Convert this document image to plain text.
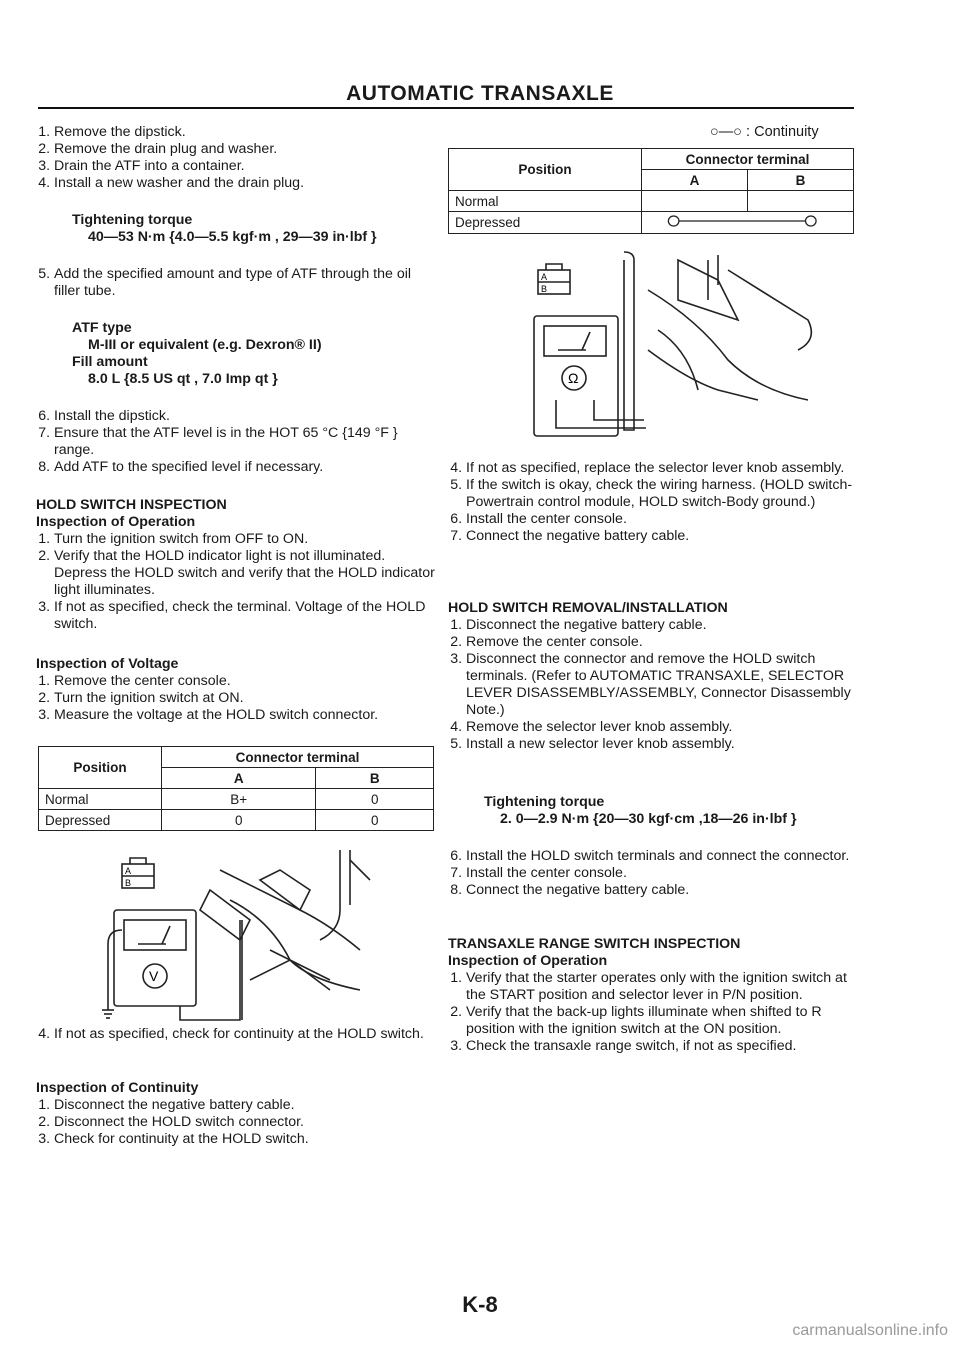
AUTOMATIC TRANSAXLE
1. Remove the dipstick.
2. Remove the drain plug and washer.
3. Drain the ATF into a container.
4. Install a new washer and the drain plug.
Tightening torque
40—53 N·m {4.0—5.5 kgf·m , 29—39 in·lbf }
5. Add the specified amount and type of ATF through the oil filler tube.
ATF type
M-III or equivalent (e.g. Dexron® II)
Fill amount
8.0 L {8.5 US qt , 7.0 Imp qt }
6. Install the dipstick.
7. Ensure that the ATF level is in the HOT 65 °C {149 °F } range.
8. Add ATF to the specified level if necessary.
HOLD SWITCH INSPECTION
Inspection of Operation
1. Turn the ignition switch from OFF to ON.
2. Verify that the HOLD indicator light is not illuminated. Depress the HOLD switch and verify that the HOLD indicator light illuminates.
3. If not as specified, check the terminal. Voltage of the HOLD switch.
Inspection of Voltage
1. Remove the center console.
2. Turn the ignition switch at ON.
3. Measure the voltage at the HOLD switch connector.
Position	Connector terminal	
	A	B
Normal	B+	0
Depressed	0	0
4. If not as specified, check for continuity at the HOLD switch.
Inspection of Continuity
1. Disconnect the negative battery cable.
2. Disconnect the HOLD switch connector.
3. Check for continuity at the HOLD switch.
A
B
V
○—○ : Continuity
Position	Connector terminal	
	A	B
Normal		
Depressed	
A
B
Ω
4. If not as specified, replace the selector lever knob assembly.
5. If the switch is okay, check the wiring harness. (HOLD switch-Powertrain control module, HOLD switch-Body ground.)
6. Install the center console.
7. Connect the negative battery cable.
HOLD SWITCH REMOVAL/INSTALLATION
1. Disconnect the negative battery cable.
2. Remove the center console.
3. Disconnect the connector and remove the HOLD switch terminals. (Refer to AUTOMATIC TRANSAXLE, SELECTOR LEVER DISASSEMBLY/ASSEMBLY, Connector Disassembly Note.)
4. Remove the selector lever knob assembly.
5. Install a new selector lever knob assembly.
Tightening torque
2. 0—2.9 N·m {20—30 kgf·cm ,18—26 in·lbf }
6. Install the HOLD switch terminals and connect the connector.
7. Install the center console.
8. Connect the negative battery cable.
TRANSAXLE RANGE SWITCH INSPECTION
Inspection of Operation
1. Verify that the starter operates only with the ignition switch at the START position and selector lever in P/N position.
2. Verify that the back-up lights illuminate when shifted to R position with the ignition switch at the ON position.
3. Check the transaxle range switch, if not as specified.
K-8
carmanualsonline.info
